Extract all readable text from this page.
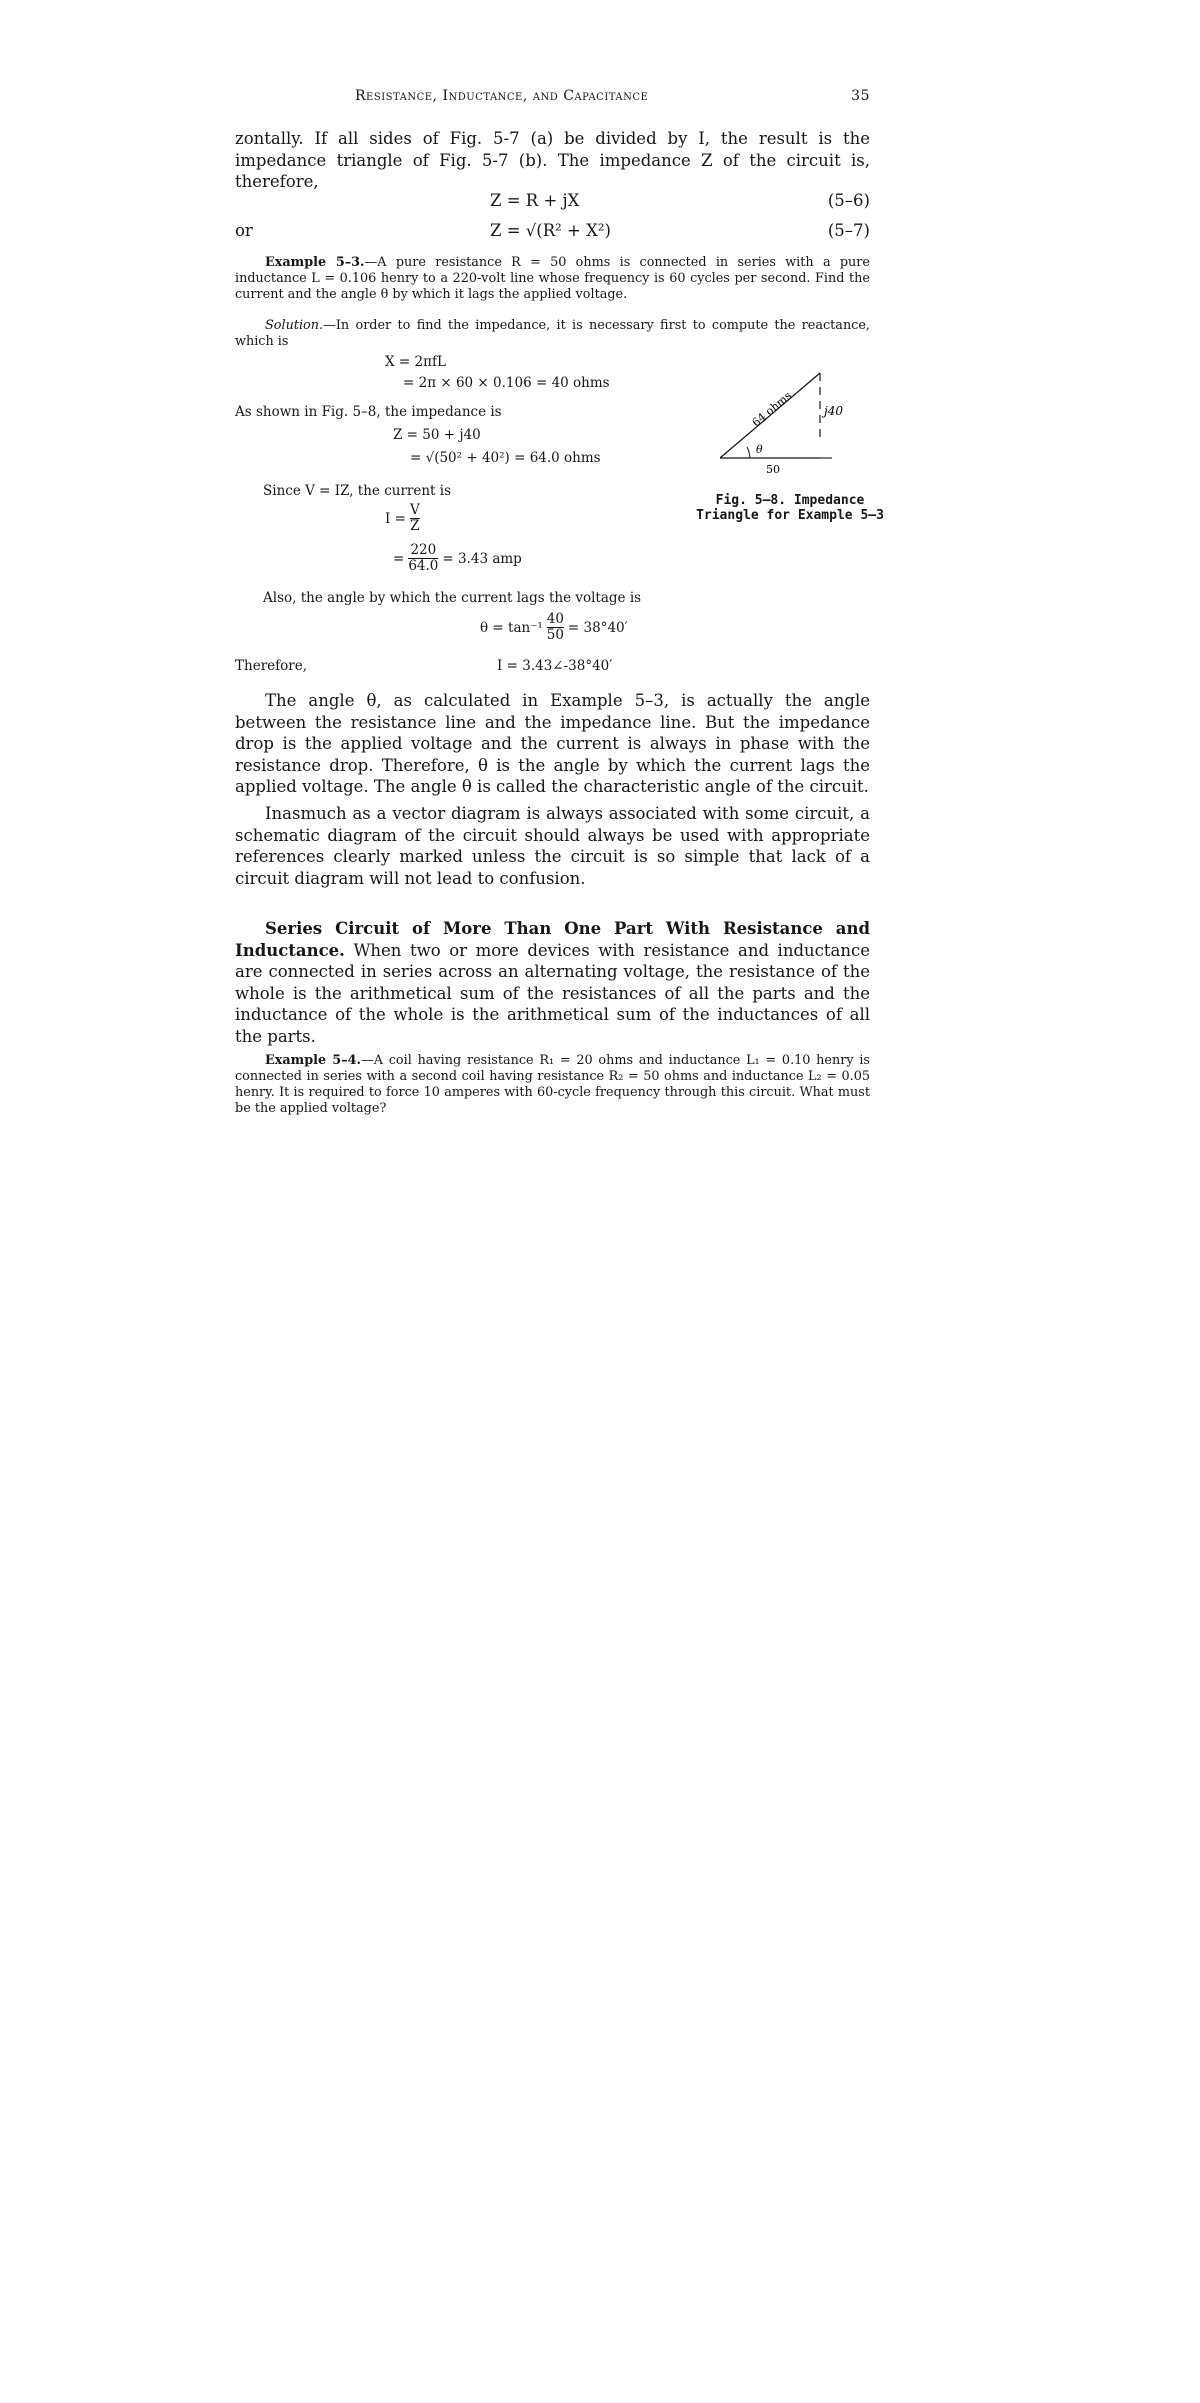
Resistance, Inductance, and Capacitance	35

zontally. If all sides of Fig. 5-7 (a) be divided by I, the result is the impedance triangle of Fig. 5-7 (b). The impedance Z of the circuit is, therefore,

Z = R + jX	(5–6)
or	Z = √(R² + X²)	(5–7)

Example 5–3.—A pure resistance R = 50 ohms is connected in series with a pure inductance L = 0.106 henry to a 220-volt line whose frequency is 60 cycles per second. Find the current and the angle θ by which it lags the applied voltage.

Solution.—In order to find the impedance, it is necessary first to compute the reactance, which is

X = 2πfL
= 2π × 60 × 0.106 = 40 ohms
As shown in Fig. 5–8, the impedance is
Z = 50 + j40
= √(50² + 40²) = 64.0 ohms
Since V = IZ, the current is
$I = \frac{V}{Z}$
= $\frac{220}{64.0} = 3.43$ amp
Also, the angle by which the current lags the voltage is
$\theta = \tan^{-1} \frac{40}{50} = 38^\circ 40'$
Therefore,	I = 3.43∠-38°40′
64 ohms j40
50
θ
Fig. 5–8. Impedance Triangle for Example 5–3

The angle θ, as calculated in Example 5–3, is actually the angle between the resistance line and the impedance line. But the impedance drop is the applied voltage and the current is always in phase with the resistance drop. Therefore, θ is the angle by which the current lags the applied voltage. The angle θ is called the characteristic angle of the circuit.

Inasmuch as a vector diagram is always associated with some circuit, a schematic diagram of the circuit should always be used with appropriate references clearly marked unless the circuit is so simple that lack of a circuit diagram will not lead to confusion.

Series Circuit of More Than One Part With Resistance and Inductance. When two or more devices with resistance and inductance are connected in series across an alternating voltage, the resistance of the whole is the arithmetical sum of the resistances of all the parts and the inductance of the whole is the arithmetical sum of the inductances of all the parts.

Example 5–4.—A coil having resistance R₁ = 20 ohms and inductance L₁ = 0.10 henry is connected in series with a second coil having resistance R₂ = 50 ohms and inductance L₂ = 0.05 henry. It is required to force 10 amperes with 60-cycle frequency through this circuit. What must be the applied voltage?
